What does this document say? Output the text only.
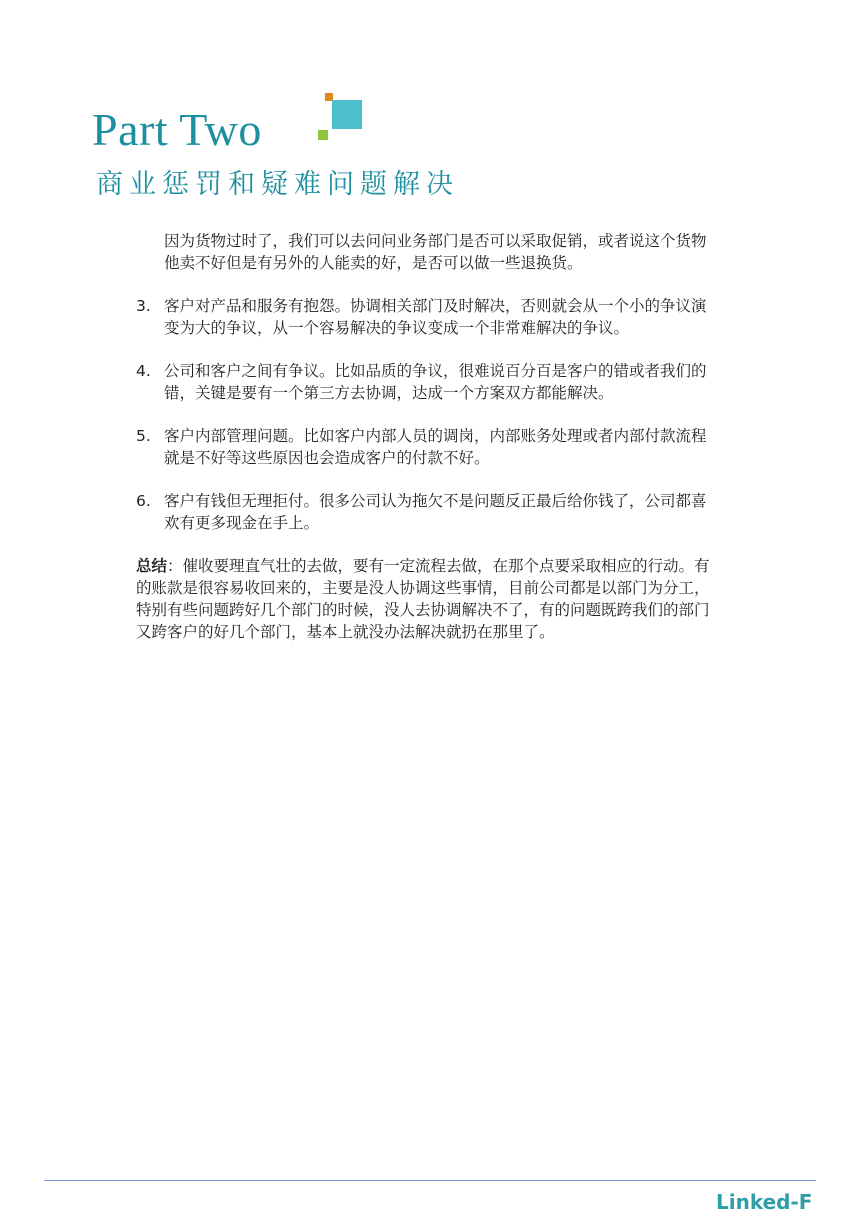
Part Two
商业惩罚和疑难问题解决

因为货物过时了，我们可以去问问业务部门是否可以采取促销，或者说这个货物他卖不好但是有另外的人能卖的好，是否可以做一些退换货。

3. 客户对产品和服务有抱怨。协调相关部门及时解决，否则就会从一个小的争议演变为大的争议，从一个容易解决的争议变成一个非常难解决的争议。
4. 公司和客户之间有争议。比如品质的争议，很难说百分百是客户的错或者我们的错，关键是要有一个第三方去协调，达成一个方案双方都能解决。
5. 客户内部管理问题。比如客户内部人员的调岗，内部账务处理或者内部付款流程就是不好等这些原因也会造成客户的付款不好。
6. 客户有钱但无理拒付。很多公司认为拖欠不是问题反正最后给你钱了，公司都喜欢有更多现金在手上。

总结：催收要理直气壮的去做，要有一定流程去做，在那个点要采取相应的行动。有的账款是很容易收回来的，主要是没人协调这些事情，目前公司都是以部门为分工，特别有些问题跨好几个部门的时候，没人去协调解决不了，有的问题既跨我们的部门又跨客户的好几个部门，基本上就没办法解决就扔在那里了。

Linked-F
